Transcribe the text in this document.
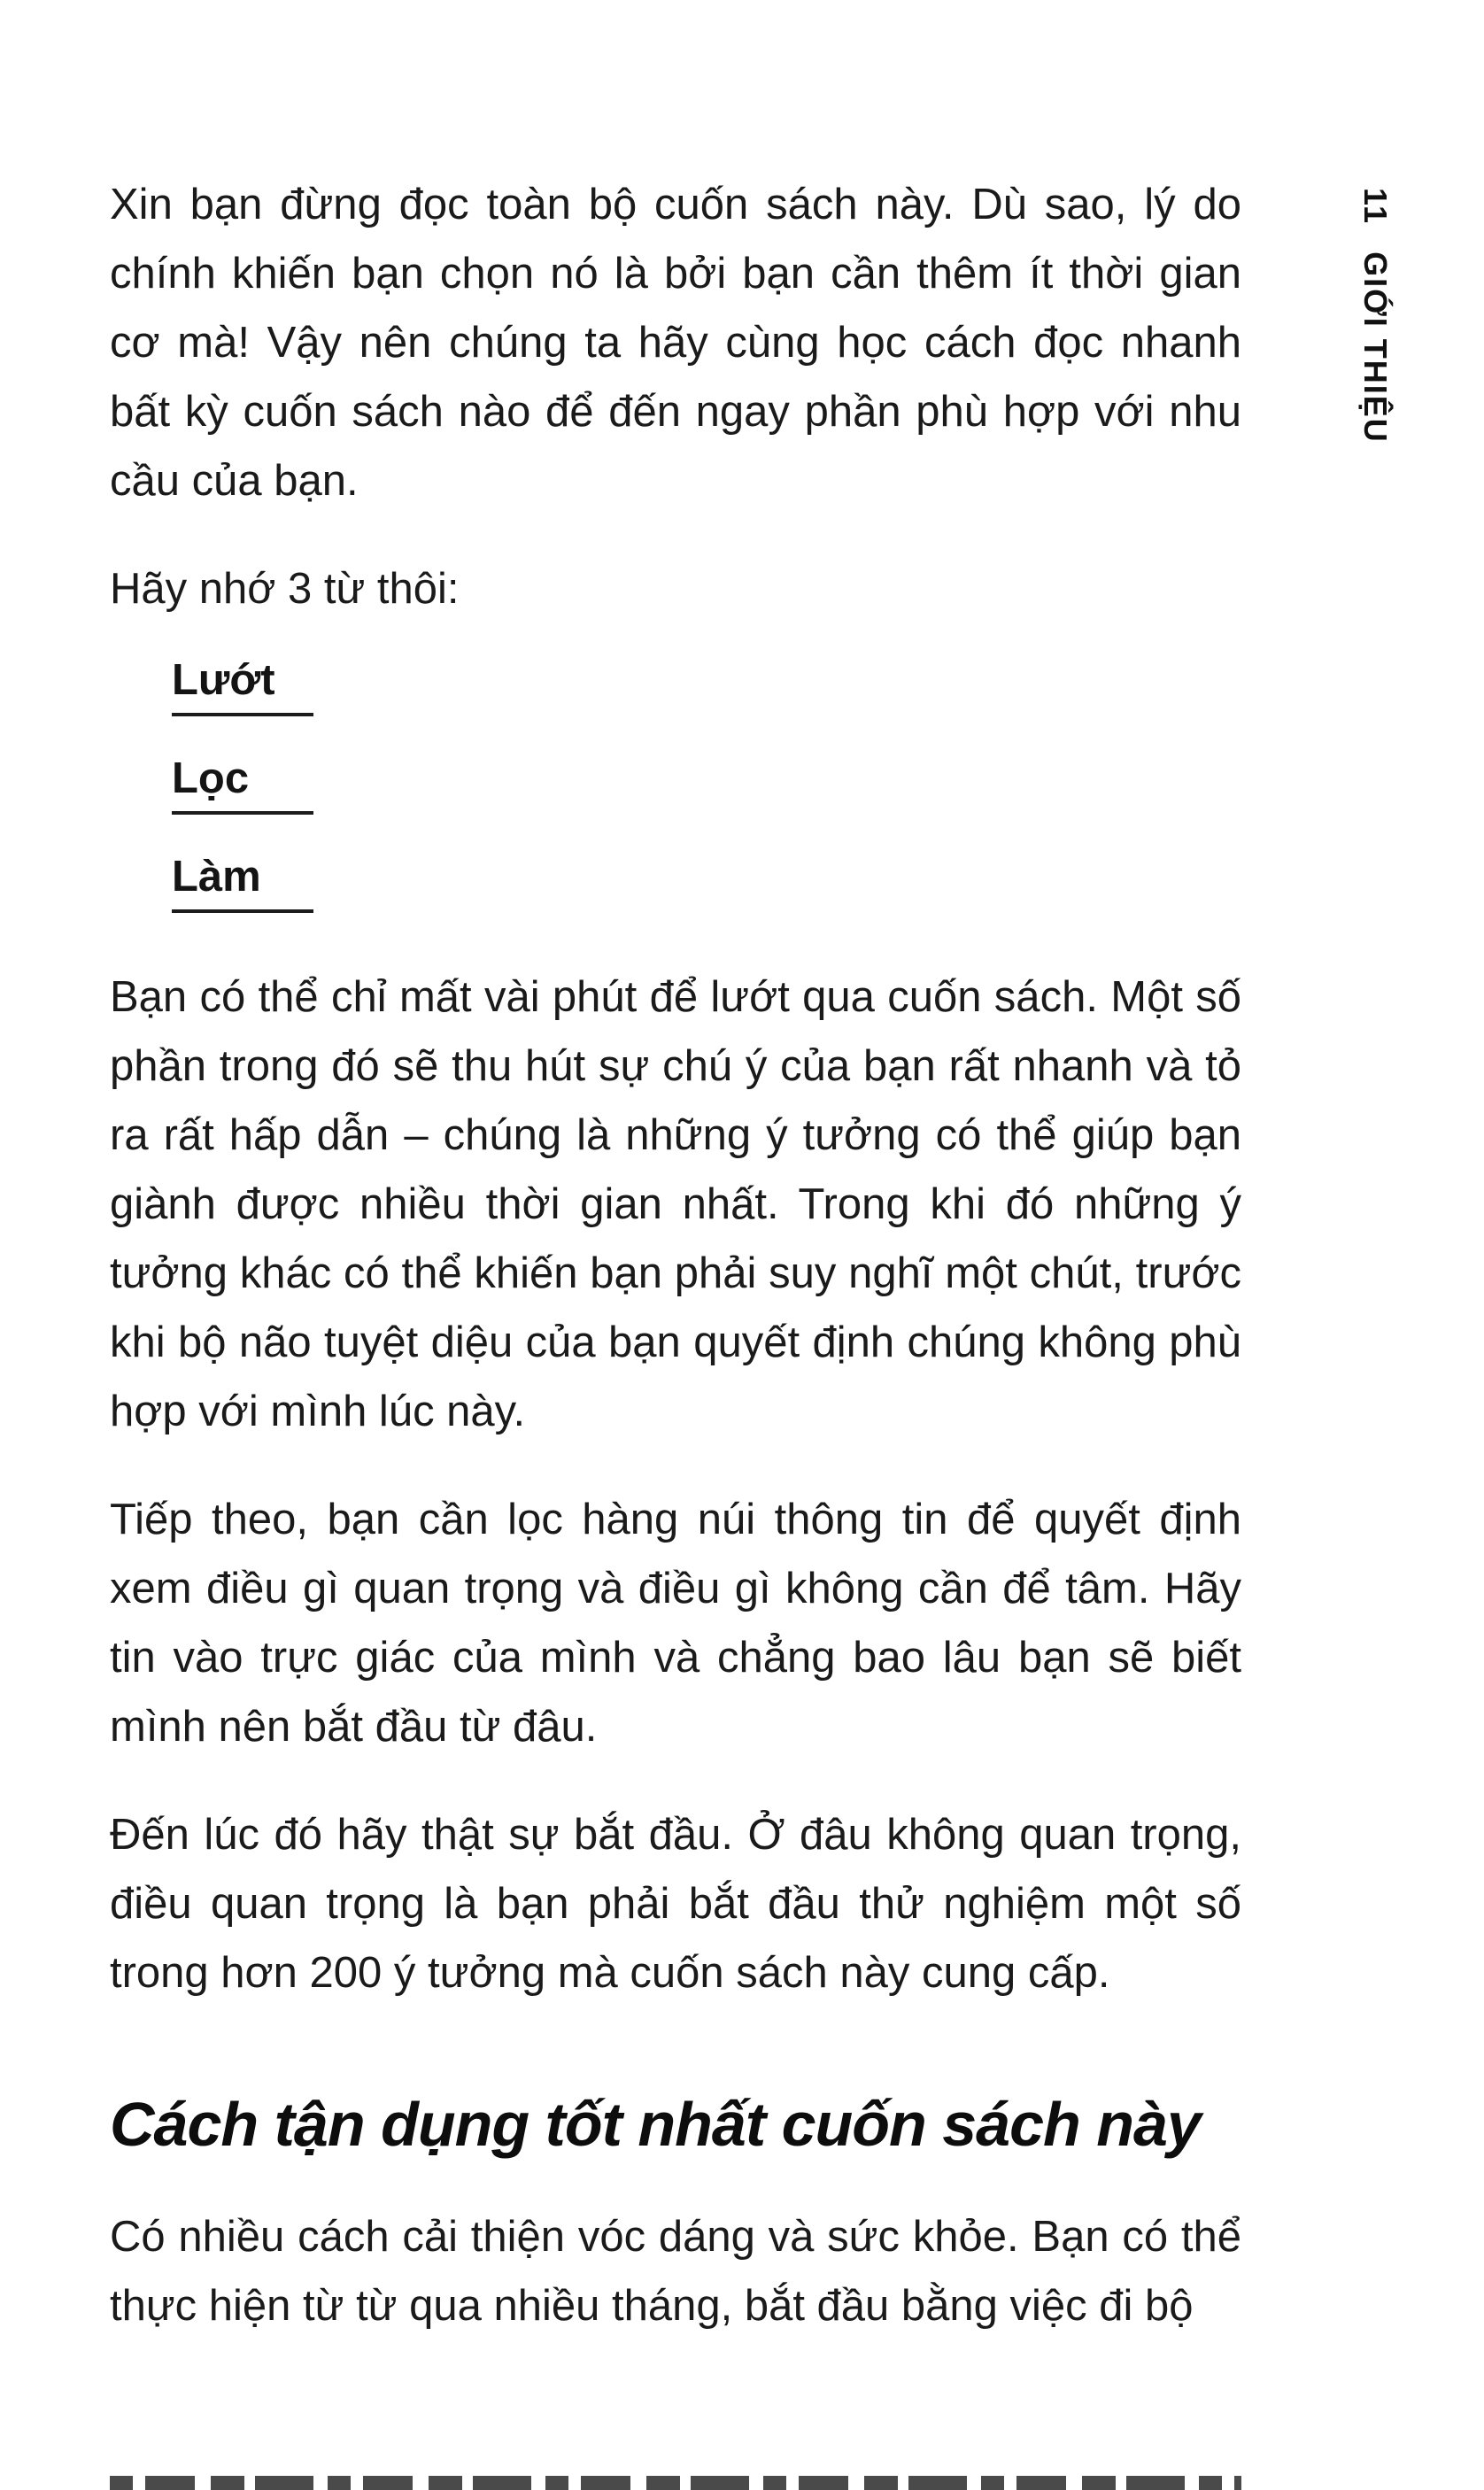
11GIỚI THIỆU

Xin bạn đừng đọc toàn bộ cuốn sách này. Dù sao, lý do chính khiến bạn chọn nó là bởi bạn cần thêm ít thời gian cơ mà! Vậy nên chúng ta hãy cùng học cách đọc nhanh bất kỳ cuốn sách nào để đến ngay phần phù hợp với nhu cầu của bạn.

Hãy nhớ 3 từ thôi:

Lướt
Lọc
Làm

Bạn có thể chỉ mất vài phút để lướt qua cuốn sách. Một số phần trong đó sẽ thu hút sự chú ý của bạn rất nhanh và tỏ ra rất hấp dẫn – chúng là những ý tưởng có thể giúp bạn giành được nhiều thời gian nhất. Trong khi đó những ý tưởng khác có thể khiến bạn phải suy nghĩ một chút, trước khi bộ não tuyệt diệu của bạn quyết định chúng không phù hợp với mình lúc này.

Tiếp theo, bạn cần lọc hàng núi thông tin để quyết định xem điều gì quan trọng và điều gì không cần để tâm. Hãy tin vào trực giác của mình và chẳng bao lâu bạn sẽ biết mình nên bắt đầu từ đâu.

Đến lúc đó hãy thật sự bắt đầu. Ở đâu không quan trọng, điều quan trọng là bạn phải bắt đầu thử nghiệm một số trong hơn 200 ý tưởng mà cuốn sách này cung cấp.

Cách tận dụng tốt nhất cuốn sách này

Có nhiều cách cải thiện vóc dáng và sức khỏe. Bạn có thể thực hiện từ từ qua nhiều tháng, bắt đầu bằng việc đi bộ
